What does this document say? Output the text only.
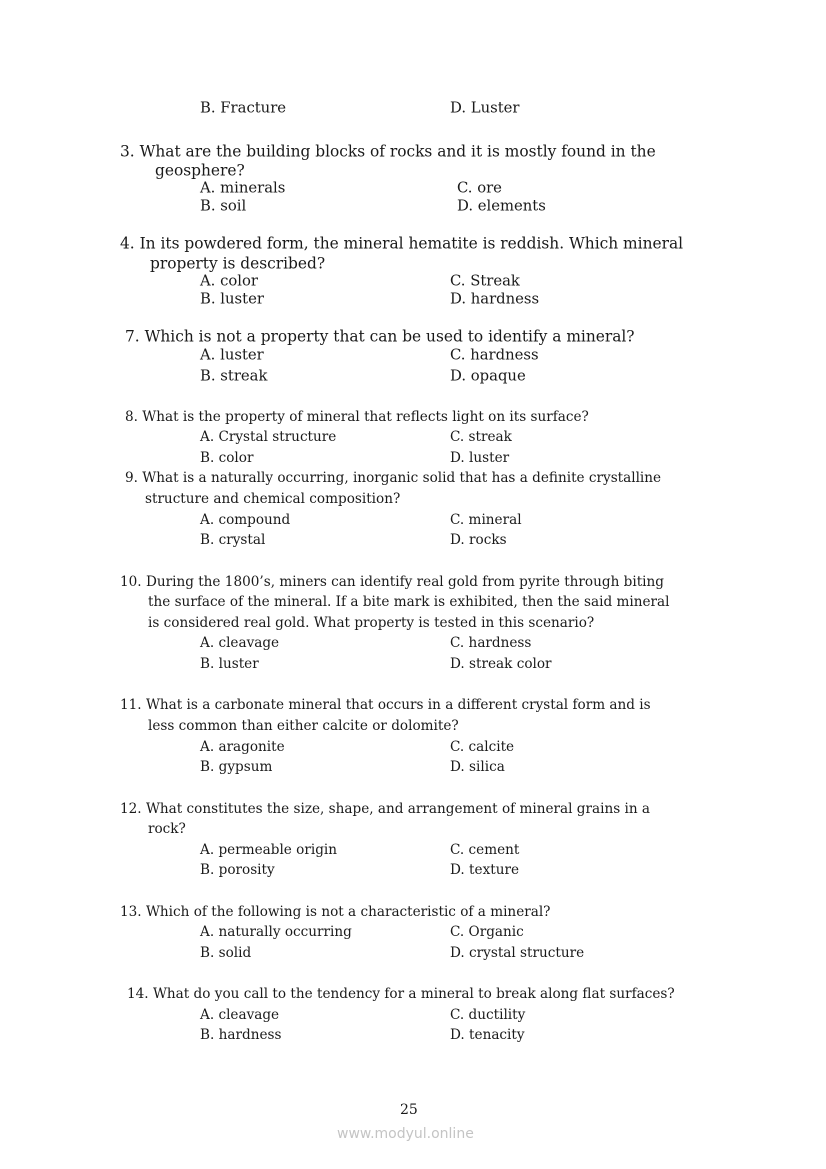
B. Fracture	D. Luster
3. What are the building blocks of rocks and it is mostly found in the
geosphere?
A. minerals	C. ore
B. soil	D. elements
4. In its powdered form, the mineral hematite is reddish. Which mineral
property is described?
A. color	C. Streak
B. luster	D. hardness
7. Which is not a property that can be used to identify a mineral?
A. luster	C. hardness
B. streak	D. opaque
8. What is the property of mineral that reflects light on its surface?
A. Crystal structure	C. streak
B. color	D. luster
9. What is a naturally occurring, inorganic solid that has a definite crystalline
structure and chemical composition?
A. compound	C. mineral
B. crystal	D. rocks
10. During the 1800’s, miners can identify real gold from pyrite through biting
the surface of the mineral. If a bite mark is exhibited, then the said mineral
is considered real gold. What property is tested in this scenario?
A. cleavage	C. hardness
B. luster	D. streak color
11. What is a carbonate mineral that occurs in a different crystal form and is
less common than either calcite or dolomite?
A. aragonite	C. calcite
B. gypsum	D. silica
12. What constitutes the size, shape, and arrangement of mineral grains in a
rock?
A. permeable origin	C. cement
B. porosity	D. texture
13. Which of the following is not a characteristic of a mineral?
A. naturally occurring	C. Organic
B. solid	D. crystal structure
14. What do you call to the tendency for a mineral to break along flat surfaces?
A. cleavage	C. ductility
B. hardness	D. tenacity
25
www.modyul.online
